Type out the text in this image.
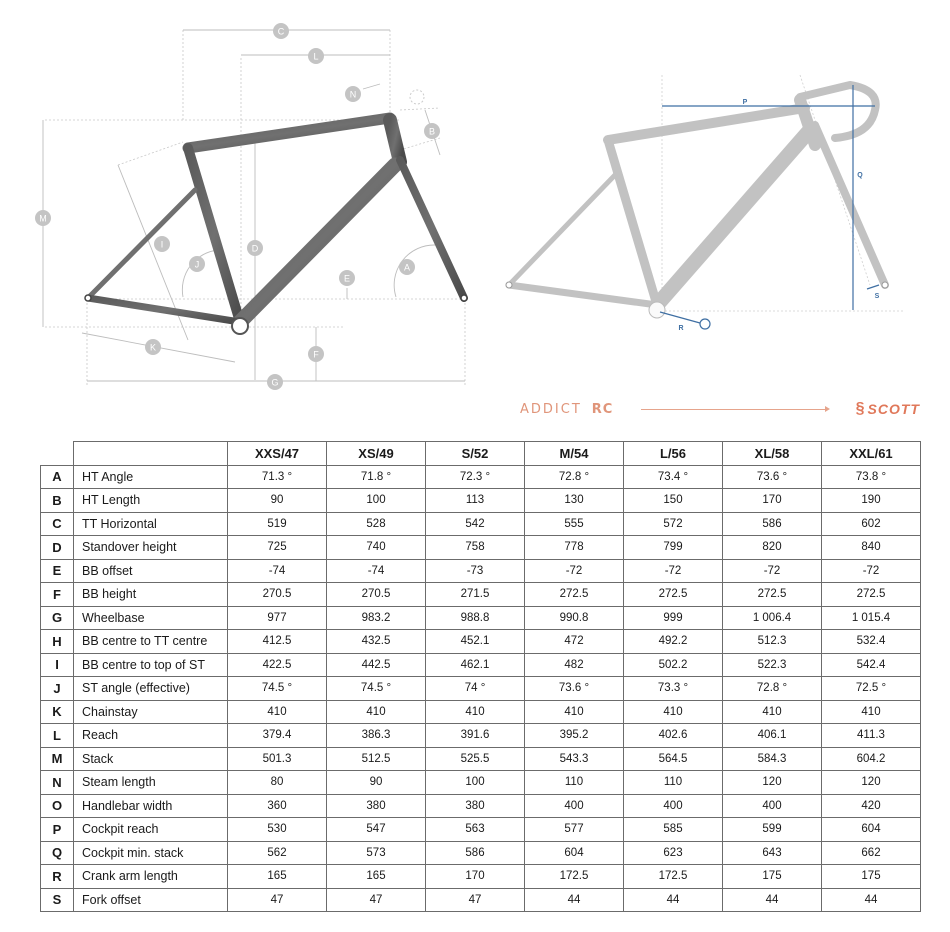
C
L
N
B
M
I	D
J	A
E
K
F
G
P
Q
R
S
ADDICT RC	§ SCOTT
		XXS/47	XS/49	S/52	M/54	L/56	XL/58	XXL/61
A	HT Angle	71.3 °	71.8 °	72.3 °	72.8 °	73.4 °	73.6 °	73.8 °
B	HT Length	90	100	113	130	150	170	190
C	TT Horizontal	519	528	542	555	572	586	602
D	Standover height	725	740	758	778	799	820	840
E	BB offset	-74	-74	-73	-72	-72	-72	-72
F	BB height	270.5	270.5	271.5	272.5	272.5	272.5	272.5
G	Wheelbase	977	983.2	988.8	990.8	999	1 006.4	1 015.4
H	BB centre to TT centre	412.5	432.5	452.1	472	492.2	512.3	532.4
I	BB centre to top of ST	422.5	442.5	462.1	482	502.2	522.3	542.4
J	ST angle (effective)	74.5 °	74.5 °	74 °	73.6 °	73.3 °	72.8 °	72.5 °
K	Chainstay	410	410	410	410	410	410	410
L	Reach	379.4	386.3	391.6	395.2	402.6	406.1	411.3
M	Stack	501.3	512.5	525.5	543.3	564.5	584.3	604.2
N	Steam length	80	90	100	110	110	120	120
O	Handlebar width	360	380	380	400	400	400	420
P	Cockpit reach	530	547	563	577	585	599	604
Q	Cockpit min. stack	562	573	586	604	623	643	662
R	Crank arm length	165	165	170	172.5	172.5	175	175
S	Fork offset	47	47	47	44	44	44	44
